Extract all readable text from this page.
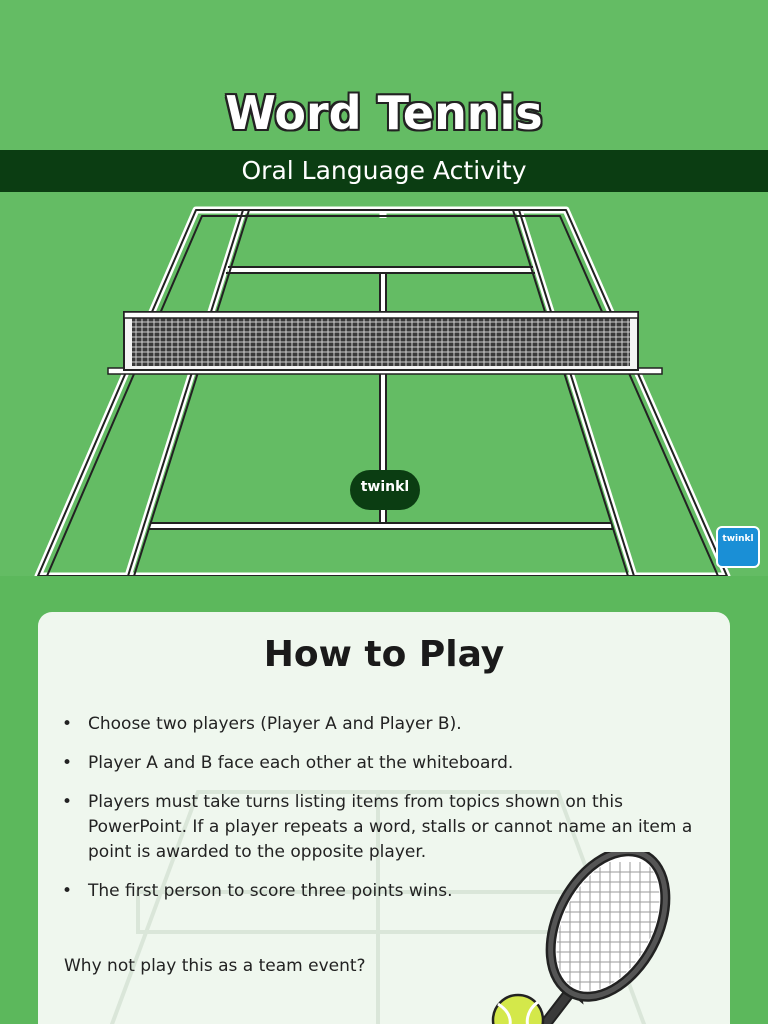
Word Tennis
Oral Language Activity
twinkl
twinkl
How to Play
• Choose two players (Player A and Player B).
• Player A and B face each other at the whiteboard.
• Players must take turns listing items from topics shown on this PowerPoint. If a player repeats a word, stalls or cannot name an item a point is awarded to the opposite player.
• The first person to score three points wins.
Why not play this as a team event?
